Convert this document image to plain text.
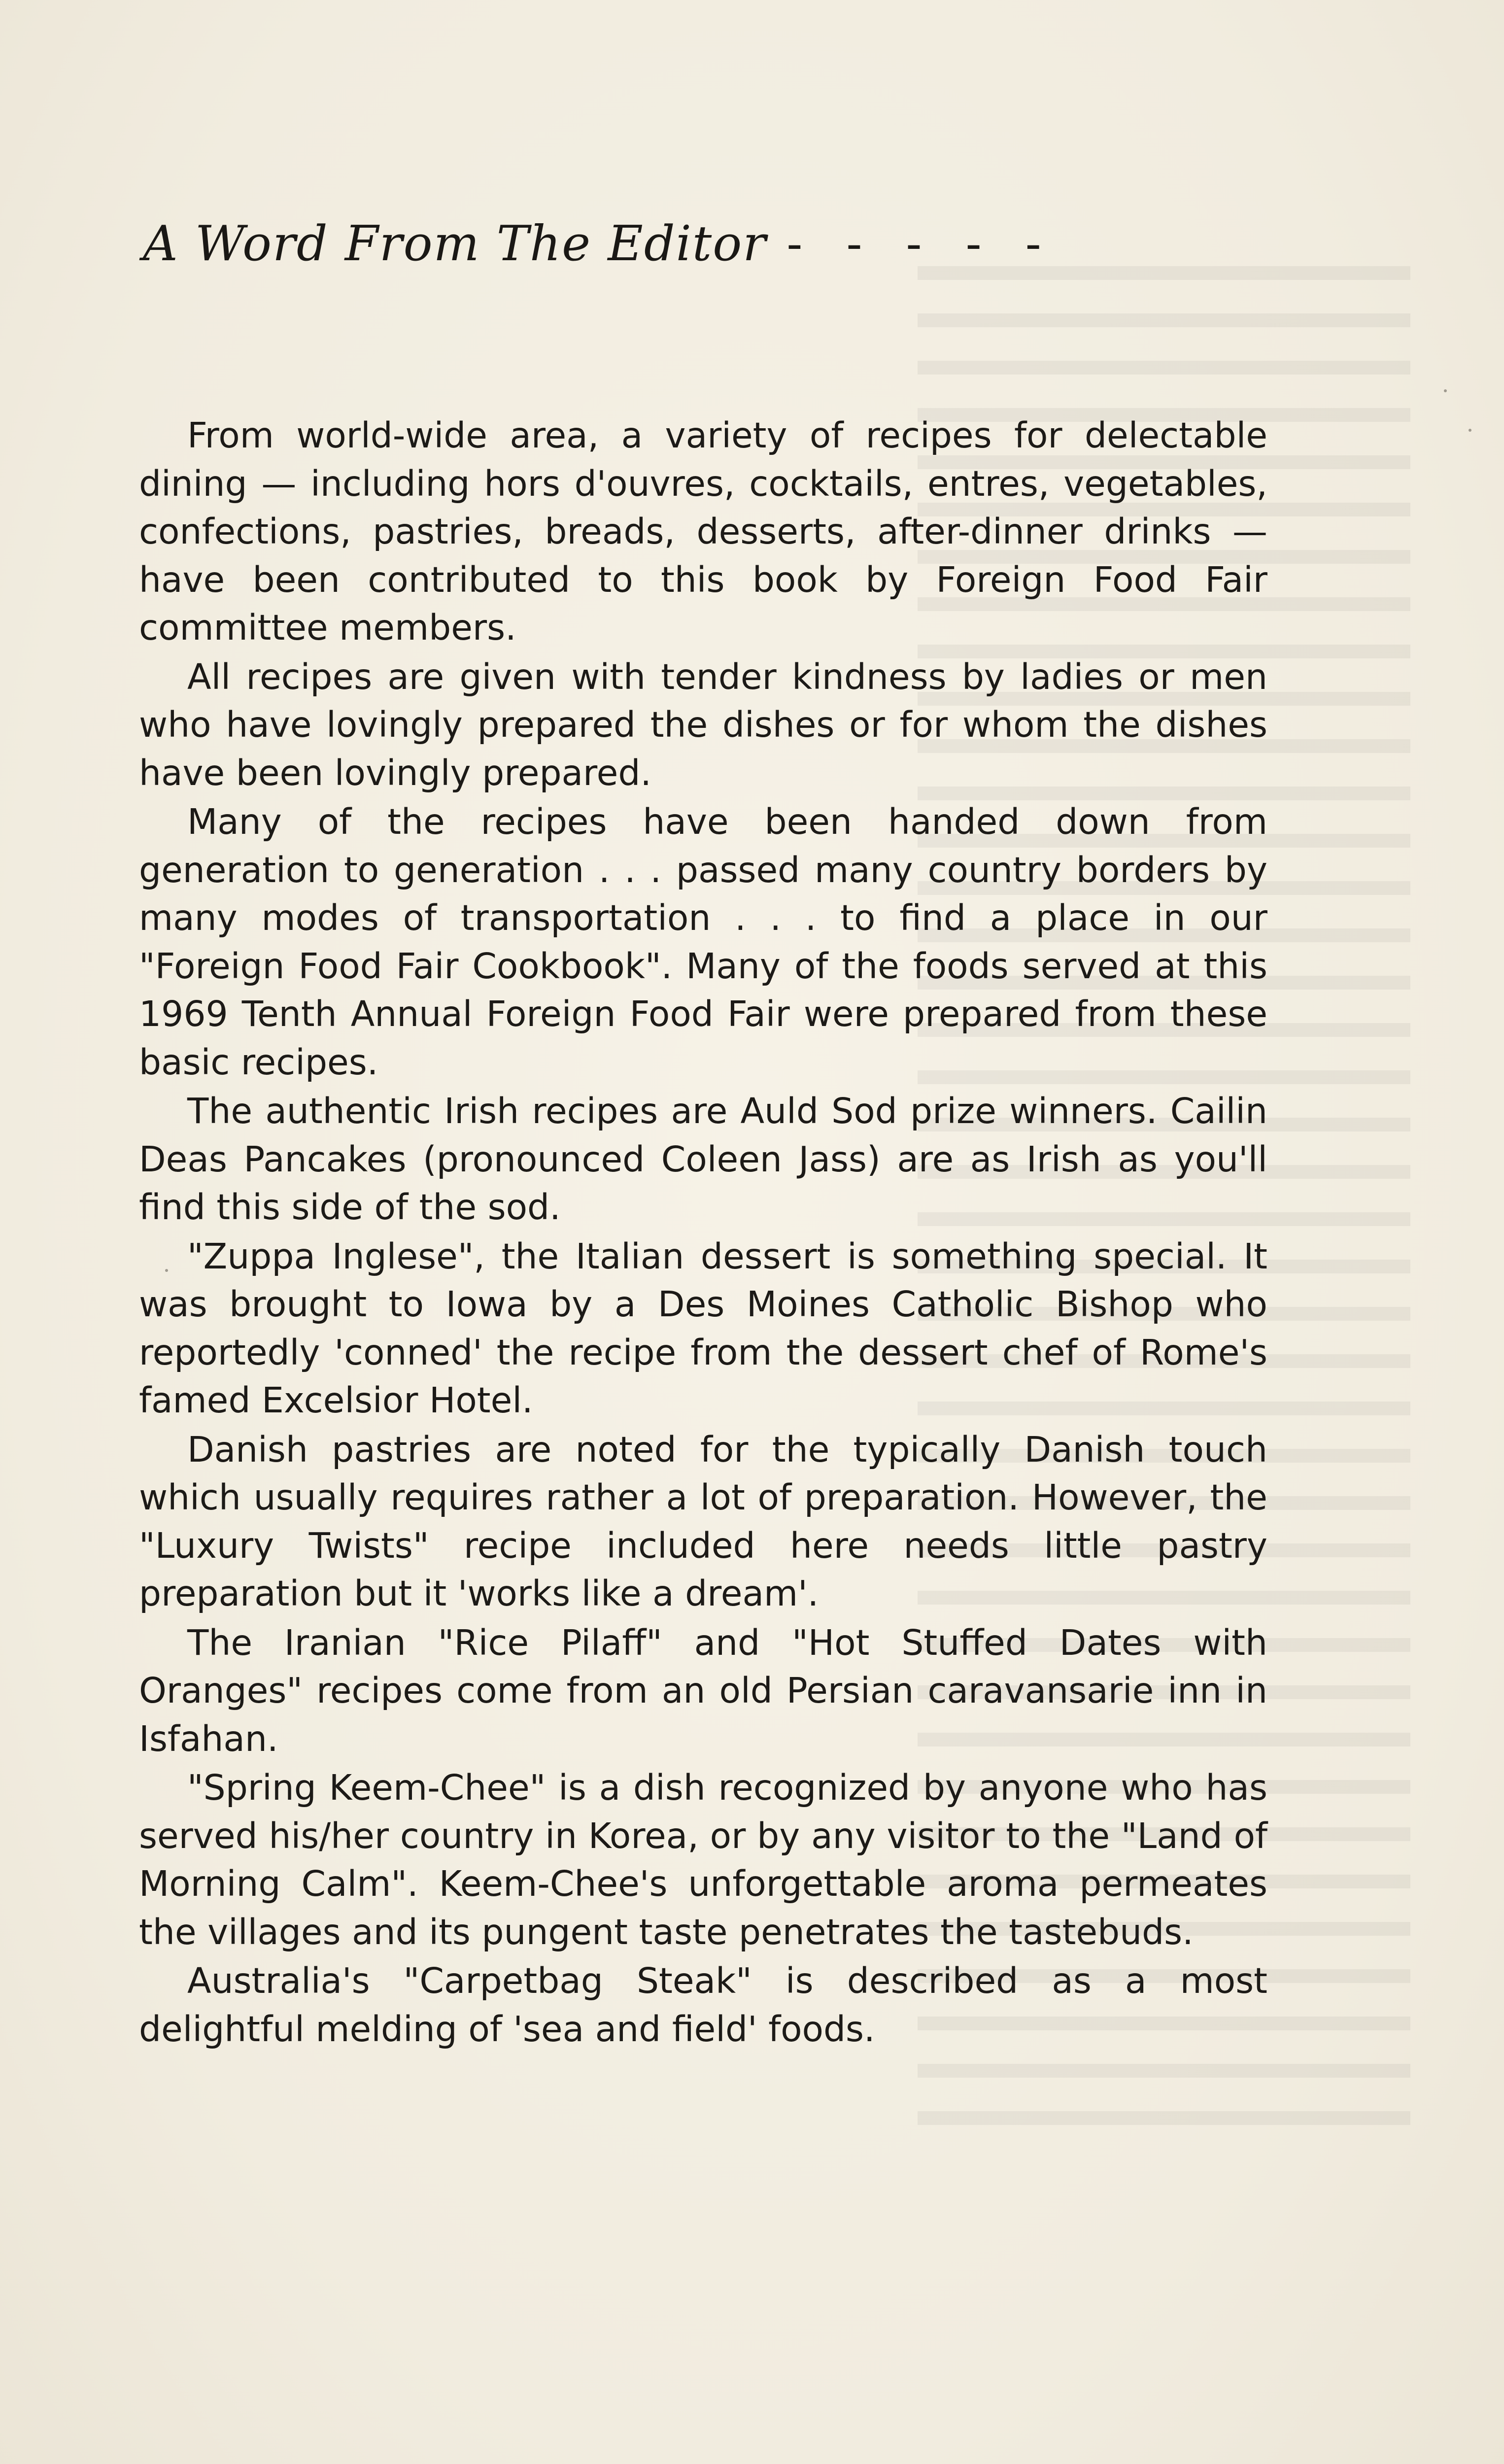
A Word From The Editor - - - - -

From world-wide area, a variety of recipes for delectable dining — including hors d'ouvres, cocktails, entres, vegetables, confections, pastries, breads, desserts, after-dinner drinks — have been contributed to this book by Foreign Food Fair committee members.

All recipes are given with tender kindness by ladies or men who have lovingly prepared the dishes or for whom the dishes have been lovingly prepared.

Many of the recipes have been handed down from generation to generation . . . passed many country borders by many modes of transportation . . . to find a place in our "Foreign Food Fair Cookbook". Many of the foods served at this 1969 Tenth Annual Foreign Food Fair were prepared from these basic recipes.

The authentic Irish recipes are Auld Sod prize winners. Cailin Deas Pancakes (pronounced Coleen Jass) are as Irish as you'll find this side of the sod.

"Zuppa Inglese", the Italian dessert is something special. It was brought to Iowa by a Des Moines Catholic Bishop who reportedly 'conned' the recipe from the dessert chef of Rome's famed Excelsior Hotel.

Danish pastries are noted for the typically Danish touch which usually requires rather a lot of preparation. However, the "Luxury Twists" recipe included here needs little pastry preparation but it 'works like a dream'.

The Iranian "Rice Pilaff" and "Hot Stuffed Dates with Oranges" recipes come from an old Persian caravansarie inn in Isfahan.

"Spring Keem-Chee" is a dish recognized by anyone who has served his/her country in Korea, or by any visitor to the "Land of Morning Calm". Keem-Chee's unforgettable aroma permeates the villages and its pungent taste penetrates the tastebuds.

Australia's "Carpetbag Steak" is described as a most delightful melding of 'sea and field' foods.
